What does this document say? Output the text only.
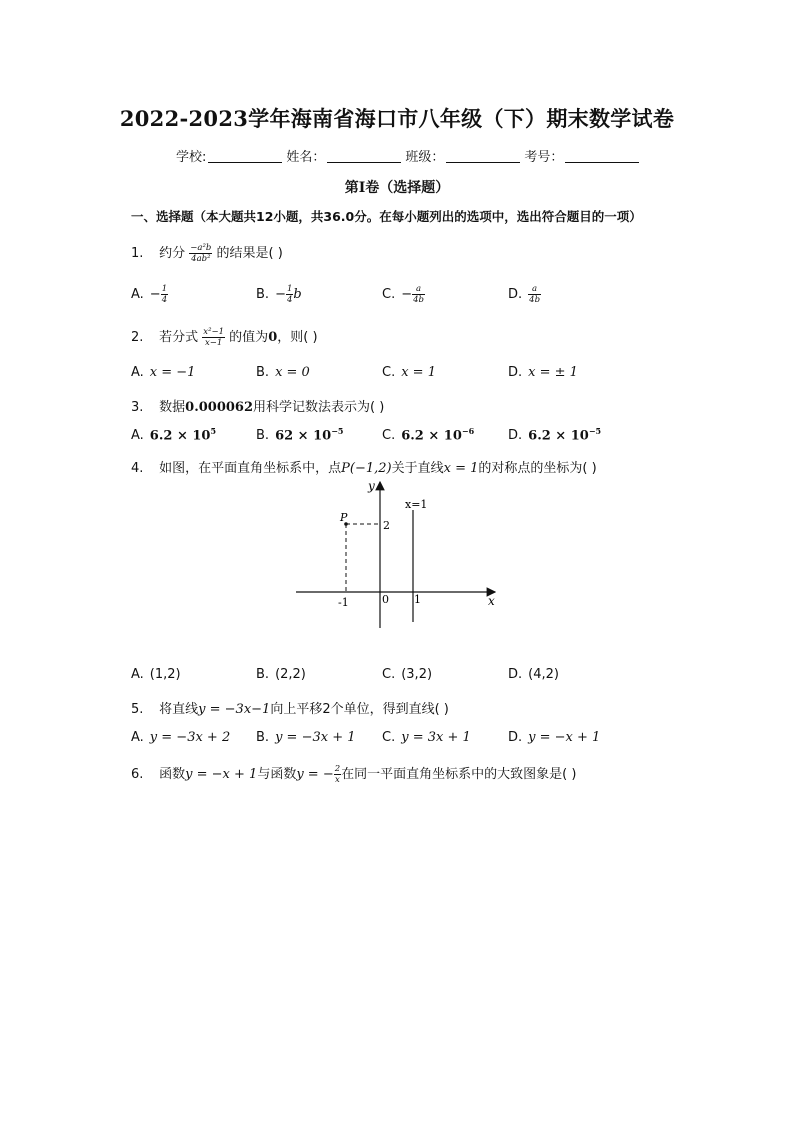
2022-2023学年海南省海口市八年级（下）期末数学试卷
学校:	姓名：	班级：	考号：
第I卷（选择题）
一、选择题（本大题共12小题，共36.0分。在每小题列出的选项中，选出符合题目的一项）
1. 约分 $\frac{\text{−a²b}}{\text{4ab²}}$ 的结果是( )
A. − $\frac{1}{4}$	B. − $\frac{1}{4}$ b	C. − $\frac{a}{4b}$	D. $\frac{a}{4b}$
2. 若分式 $\frac{\text{x²−1}}{x-1}$ 的值为0，则( )
A. x = −1	B. x = 0	C. x = 1	D. x = ± 1
3. 数据0.000062用科学记数法表示为( )
A. $6.2 \times 10^5$	B. $62 \times 10^{-5}$	C. $6.2 \times 10^{-6}$	D. $6.2 \times 10^{-5}$
4. 如图，在平面直角坐标系中，点P(−1,2)关于直线x = 1的对称点的坐标为( )
y
x
x=1
P
2
-1	0 1
A. (1,2)	B. (2,2)	C. (3,2)	D. (4,2)
5. 将直线y = −3x−1向上平移2个单位，得到直线( )
A. y = −3x + 2 B. y = −3x + 1 C. y = 3x + 1	D. y = −x + 1
6. 函数y = −x + 1与函数y = − $\frac{2}{x}$ 在同一平面直角坐标系中的大致图象是( )
